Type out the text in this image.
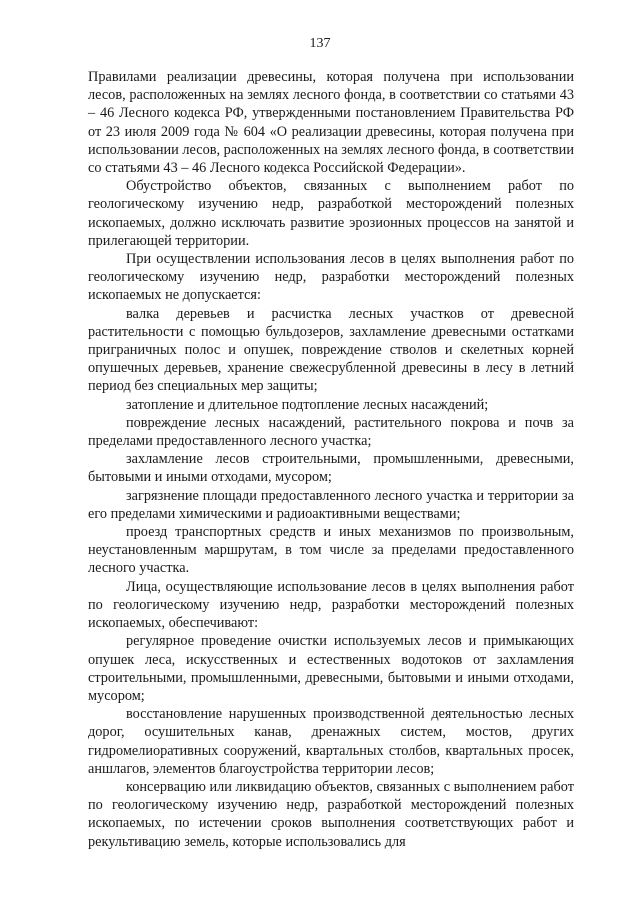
137

Правилами реализации древесины, которая получена при использовании лесов, расположенных на землях лесного фонда, в соответствии со статьями 43 – 46 Лесного кодекса РФ, утвержденными постановлением Правительства РФ от 23 июля 2009 года № 604 «О реализации древесины, которая получена при использовании лесов, расположенных на землях лесного фонда, в соответствии со статьями 43 – 46 Лесного кодекса Российской Федерации».

Обустройство объектов, связанных с выполнением работ по геологическому изучению недр, разработкой месторождений полезных ископаемых, должно исключать развитие эрозионных процессов на занятой и прилегающей территории.

При осуществлении использования лесов в целях выполнения работ по геологическому изучению недр, разработки месторождений полезных ископаемых не допускается:

валка деревьев и расчистка лесных участков от древесной растительности с помощью бульдозеров, захламление древесными остатками приграничных полос и опушек, повреждение стволов и скелетных корней опушечных деревьев, хранение свежесрубленной древесины в лесу в летний период без специальных мер защиты;

затопление и длительное подтопление лесных насаждений;

повреждение лесных насаждений, растительного покрова и почв за пределами предоставленного лесного участка;

захламление лесов строительными, промышленными, древесными, бытовыми и иными отходами, мусором;

загрязнение площади предоставленного лесного участка и территории за его пределами химическими и радиоактивными веществами;

проезд транспортных средств и иных механизмов по произвольным, неустановленным маршрутам, в том числе за пределами предоставленного лесного участка.

Лица, осуществляющие использование лесов в целях выполнения работ по геологическому изучению недр, разработки месторождений полезных ископаемых, обеспечивают:

регулярное проведение очистки используемых лесов и примыкающих опушек леса, искусственных и естественных водотоков от захламления строительными, промышленными, древесными, бытовыми и иными отходами, мусором;

восстановление нарушенных производственной деятельностью лесных дорог, осушительных канав, дренажных систем, мостов, других гидромелиоративных сооружений, квартальных столбов, квартальных просек, аншлагов, элементов благоустройства территории лесов;

консервацию или ликвидацию объектов, связанных с выполнением работ по геологическому изучению недр, разработкой месторождений полезных ископаемых, по истечении сроков выполнения соответствующих работ и рекультивацию земель, которые использовались для
